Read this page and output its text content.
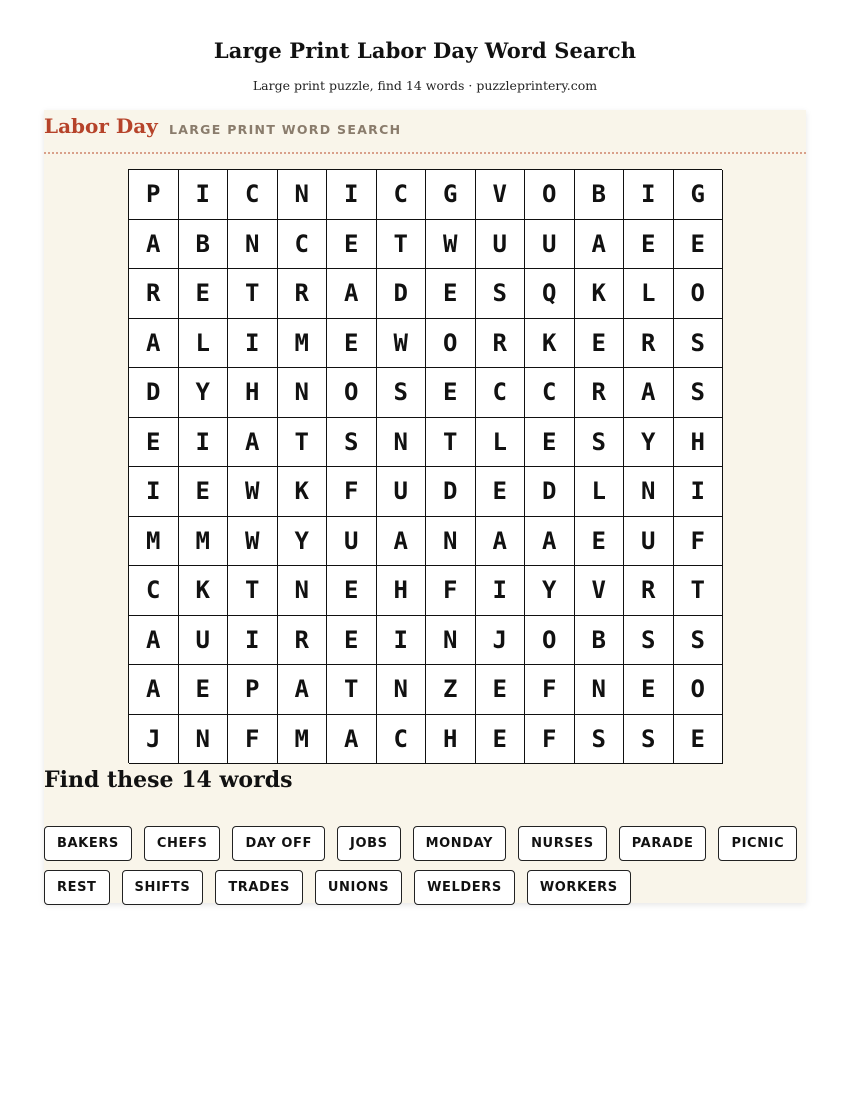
Large Print Labor Day Word Search
Large print puzzle, find 14 words · puzzleprintery.com
Labor Day LARGE PRINT WORD SEARCH
P	I	C	N	I	C	G	V	O	B	I	G
A	B	N	C	E	T	W	U	U	A	E	E
R	E	T	R	A	D	E	S	Q	K	L	O
A	L	I	M	E	W	O	R	K	E	R	S
D	Y	H	N	O	S	E	C	C	R	A	S
E	I	A	T	S	N	T	L	E	S	Y	H
I	E	W	K	F	U	D	E	D	L	N	I
M	M	W	Y	U	A	N	A	A	E	U	F
C	K	T	N	E	H	F	I	Y	V	R	T
A	U	I	R	E	I	N	J	O	B	S	S
A	E	P	A	T	N	Z	E	F	N	E	O
J	N	F	M	A	C	H	E	F	S	S	E
Find these 14 words
BAKERS	CHEFS	DAY OFF	JOBS	MONDAY	NURSES	PARADE	PICNIC
REST	SHIFTS	TRADES	UNIONS	WELDERS	WORKERS
